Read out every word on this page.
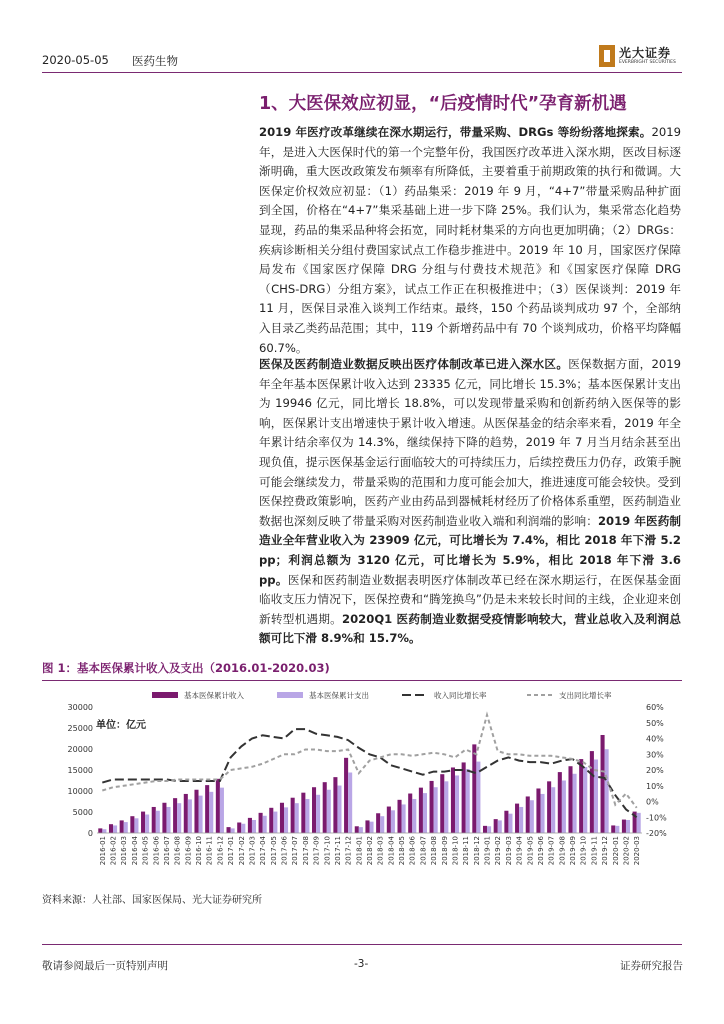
2020-05-05 医药生物
光大证券
EVERBRIGHT SECURITIES
1、大医保效应初显，“后疫情时代”孕育新机遇
2019 年医疗改革继续在深水期运行，带量采购、DRGs 等纷纷落地探索。2019 年，是进入大医保时代的第一个完整年份，我国医疗改革进入深水期，医改目标逐渐明确，重大医改政策发布频率有所降低，主要着重于前期政策的执行和微调。大医保定价权效应初显：（1）药品集采：2019 年 9 月，“4+7”带量采购品种扩面到全国，价格在“4+7”集采基础上进一步下降 25%。我们认为，集采常态化趋势显现，药品的集采品种将会拓宽，同时耗材集采的方向也更加明确；（2）DRGs：疾病诊断相关分组付费国家试点工作稳步推进中。2019 年 10 月，国家医疗保障局发布《国家医疗保障 DRG 分组与付费技术规范》和《国家医疗保障 DRG（CHS-DRG）分组方案》，试点工作正在积极推进中；（3）医保谈判：2019 年 11 月，医保目录准入谈判工作结束。最终，150 个药品谈判成功 97 个，全部纳入目录乙类药品范围；其中，119 个新增药品中有 70 个谈判成功，价格平均降幅 60.7%。
医保及医药制造业数据反映出医疗体制改革已进入深水区。医保数据方面，2019 年全年基本医保累计收入达到 23335 亿元，同比增长 15.3%；基本医保累计支出为 19946 亿元，同比增长 18.8%，可以发现带量采购和创新药纳入医保等的影响，医保累计支出增速快于累计收入增速。从医保基金的结余率来看，2019 年全年累计结余率仅为 14.3%，继续保持下降的趋势，2019 年 7 月当月结余甚至出现负值，提示医保基金运行面临较大的可持续压力，后续控费压力仍存，政策手腕可能会继续发力，带量采购的范围和力度可能会加大，推进速度可能会较快。受到医保控费政策影响，医药产业由药品到器械耗材经历了价格体系重塑，医药制造业数据也深刻反映了带量采购对医药制造业收入端和利润端的影响：2019 年医药制造业全年营业收入为 23909 亿元，可比增长为 7.4%，相比 2018 年下滑 5.2 pp；利润总额为 3120 亿元，可比增长为 5.9%，相比 2018 年下滑 3.6 pp。医保和医药制造业数据表明医疗体制改革已经在深水期运行，在医保基金面临收支压力情况下，医保控费和“腾笼换鸟”仍是未来较长时间的主线，企业迎来创新转型机遇期。2020Q1 医药制造业数据受疫情影响较大，营业总收入及利润总额可比下滑 8.9%和 15.7%。
图 1：基本医保累计收入及支出（2016.01-2020.03)
0
5000
10000
15000
20000
25000
30000
-20%
-10%
0%
10%
20%
30%
40%
50%
60%
2016-01 2016-02 2016-03 2016-04 2016-05 2016-06 2016-07 2016-08 2016-09 2016-10 2016-11 2016-12 2017-01 2017-02 2017-03 2017-04 2017-05 2017-06 2017-07 2017-08 2017-09 2017-10 2017-11 2017-12 2018-01 2018-02 2018-03 2018-04 2018-05 2018-06 2018-07 2018-08 2018-09 2018-10 2018-11 2018-12 2019-01 2019-02 2019-03 2019-04 2019-05 2019-06 2019-07 2019-08 2019-09 2019-10 2019-11 2019-12 2020-01 2020-02 2020-03
基本医保累计收入	基本医保累计支出	收入同比增长率	支出同比增长率
单位：亿元
资料来源：人社部、国家医保局、光大证券研究所
敬请参阅最后一页特别声明	-3-	证券研究报告
